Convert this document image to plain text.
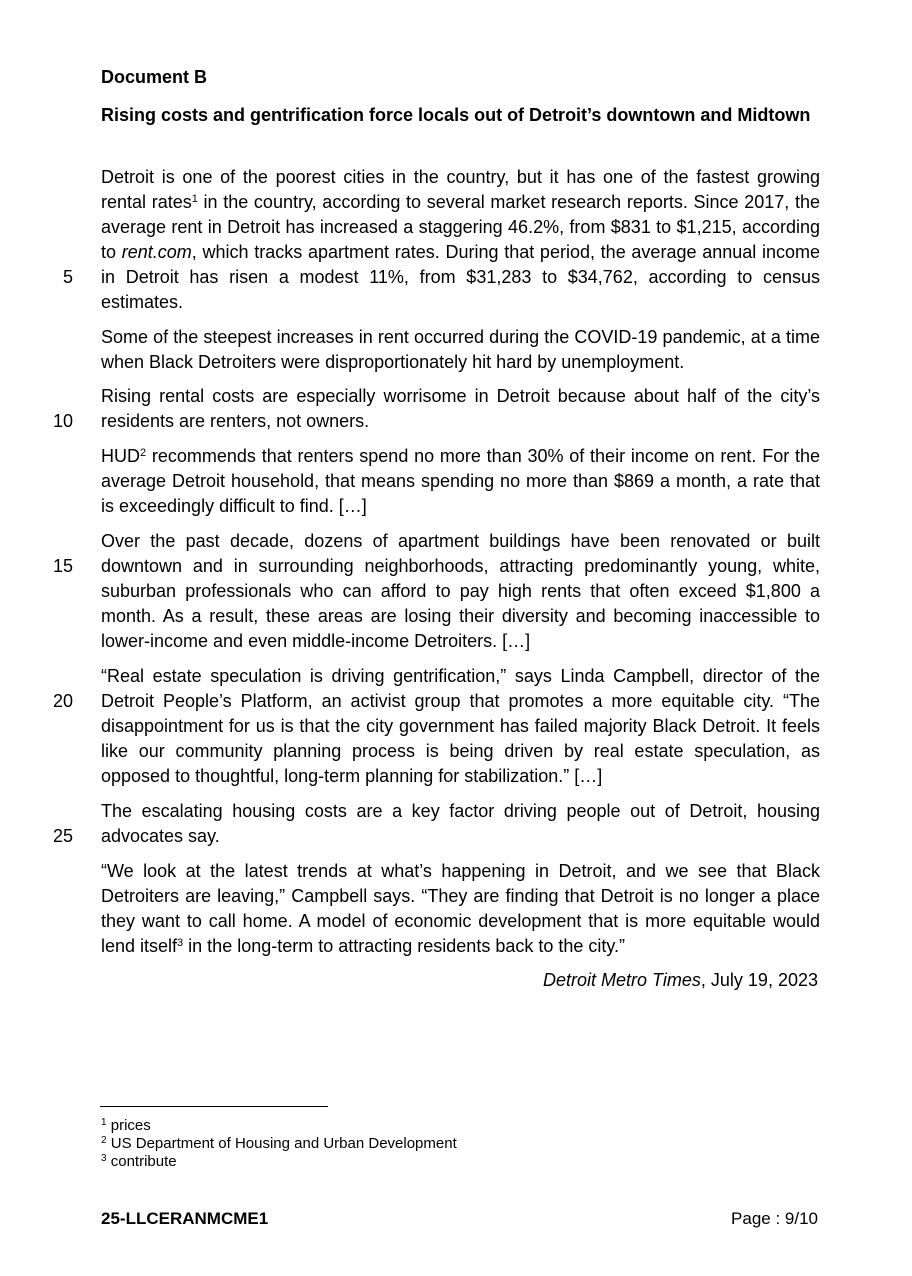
Document B

Rising costs and gentrification force locals out of Detroit’s downtown and Midtown

Detroit is one of the poorest cities in the country, but it has one of the fastest growing rental rates$^1$ in the country, according to several market research reports. Since 2017, the average rent in Detroit has increased a staggering 46.2%, from $831 to $1,215, according to rent.com, which tracks apartment rates. During that period, the average annual income in Detroit has risen a modest 11%, from $31,283 to $34,762, according to census estimates.

Some of the steepest increases in rent occurred during the COVID-19 pandemic, at a time when Black Detroiters were disproportionately hit hard by unemployment.

Rising rental costs are especially worrisome in Detroit because about half of the city’s residents are renters, not owners.

HUD$^2$ recommends that renters spend no more than 30% of their income on rent. For the average Detroit household, that means spending no more than $869 a month, a rate that is exceedingly difficult to find. […]

Over the past decade, dozens of apartment buildings have been renovated or built downtown and in surrounding neighborhoods, attracting predominantly young, white, suburban professionals who can afford to pay high rents that often exceed $1,800 a month. As a result, these areas are losing their diversity and becoming inaccessible to lower-income and even middle-income Detroiters. […]

“Real estate speculation is driving gentrification,” says Linda Campbell, director of the Detroit People’s Platform, an activist group that promotes a more equitable city. “The disappointment for us is that the city government has failed majority Black Detroit. It feels like our community planning process is being driven by real estate speculation, as opposed to thoughtful, long-term planning for stabilization.” […]

The escalating housing costs are a key factor driving people out of Detroit, housing advocates say.

“We look at the latest trends at what’s happening in Detroit, and we see that Black Detroiters are leaving,” Campbell says. “They are finding that Detroit is no longer a place they want to call home. A model of economic development that is more equitable would lend itself$^3$ in the long-term to attracting residents back to the city.”

5
10
15
20
25

Detroit Metro Times, July 19, 2023

$^1$ prices
$^2$ US Department of Housing and Urban Development
$^3$ contribute

25-LLCERANMCME1	Page : 9/10
